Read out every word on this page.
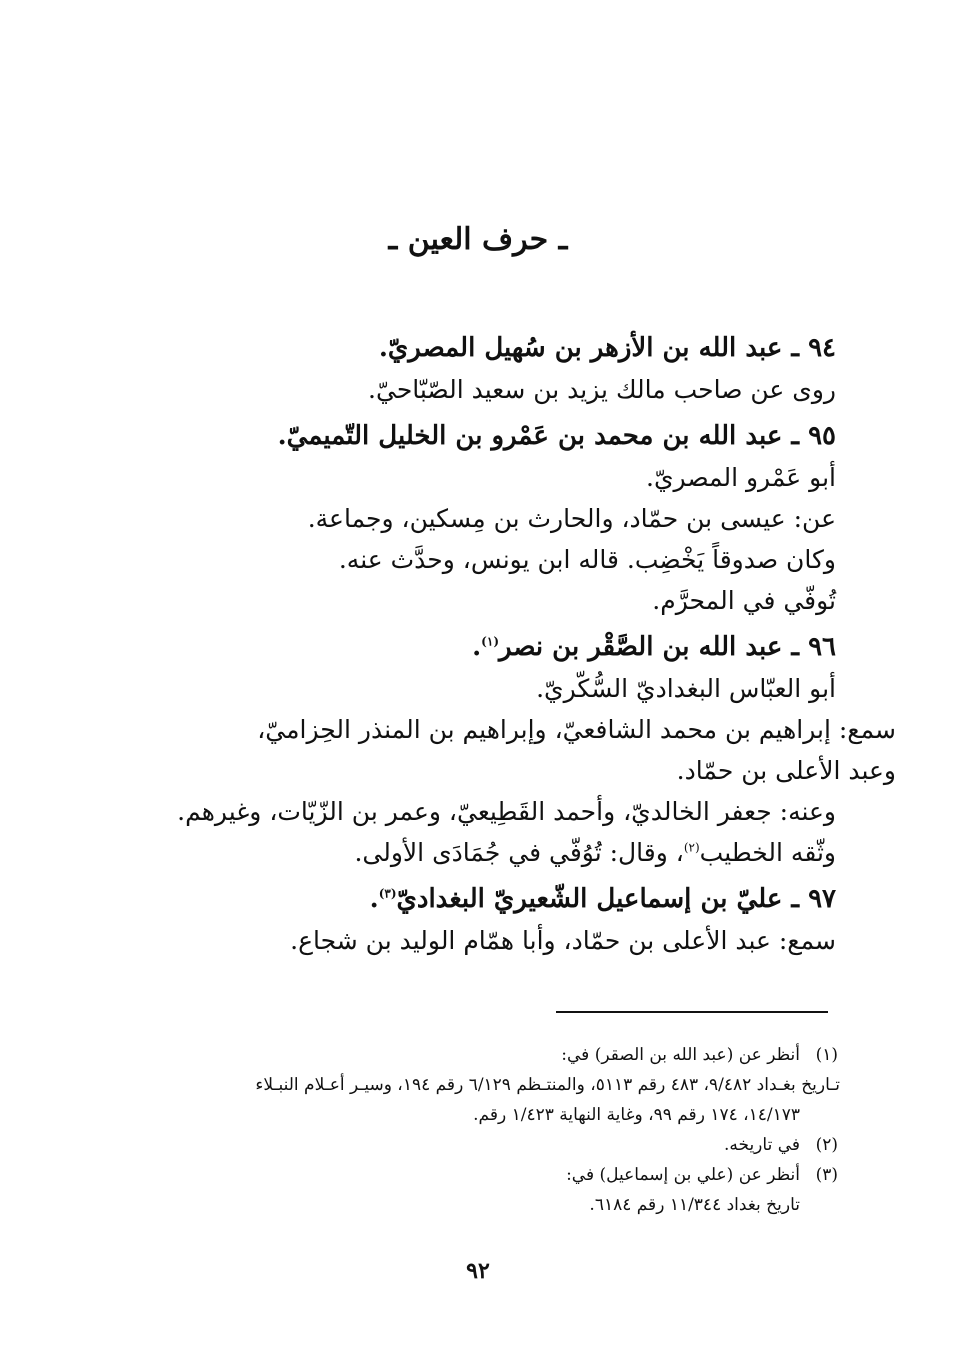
ـ حرف العين ـ
٩٤ ـ عبد الله بن الأزهر بن سُهيل المصريّ.
روى عن صاحب مالك يزيد بن سعيد الصّبّاحيّ.
٩٥ ـ عبد الله بن محمد بن عَمْرو بن الخليل التّميميّ.
أبو عَمْرو المصريّ.
عن: عيسى بن حمّاد، والحارث بن مِسكين، وجماعة.
وكان صدوقاً يَخْضِب. قاله ابن يونس، وحدَّث عنه.
تُوفّي في المحرَّم.
٩٦ ـ عبد الله بن الصَّقْر بن نصر$^{(١)}$.
أبو العبّاس البغداديّ السُّكّريّ.
سمع: إبراهيم بن محمد الشافعيّ، وإبراهيم بن المنذر الحِزاميّ،
وعبد الأعلى بن حمّاد.
وعنه: جعفر الخالديّ، وأحمد القَطِيعيّ، وعمر بن الزّيّات، وغيرهم.
وثّقه الخطيب$^{(٢)}$، وقال: تُوُفّي في جُمَادَى الأولى.
٩٧ ـ عليّ بن إسماعيل الشّعيريّ البغداديّ$^{(٣)}$.
سمع: عبد الأعلى بن حمّاد، وأبا همّام الوليد بن شجاع.
(١)أنظر عن (عبد الله بن الصقر) في:
تـاريخ بغـداد ٩/٤٨٢، ٤٨٣ رقم ٥١١٣، والمنتـظم ٦/١٢٩ رقم ١٩٤، وسيـر أعـلام النبـلاء
١٤/١٧٣، ١٧٤ رقم ٩٩، وغاية النهاية ١/٤٢٣ رقم.
(٢)في تاريخه.
(٣)أنظر عن (علي بن إسماعيل) في:
تاريخ بغداد ١١/٣٤٤ رقم ٦١٨٤.
٩٢
